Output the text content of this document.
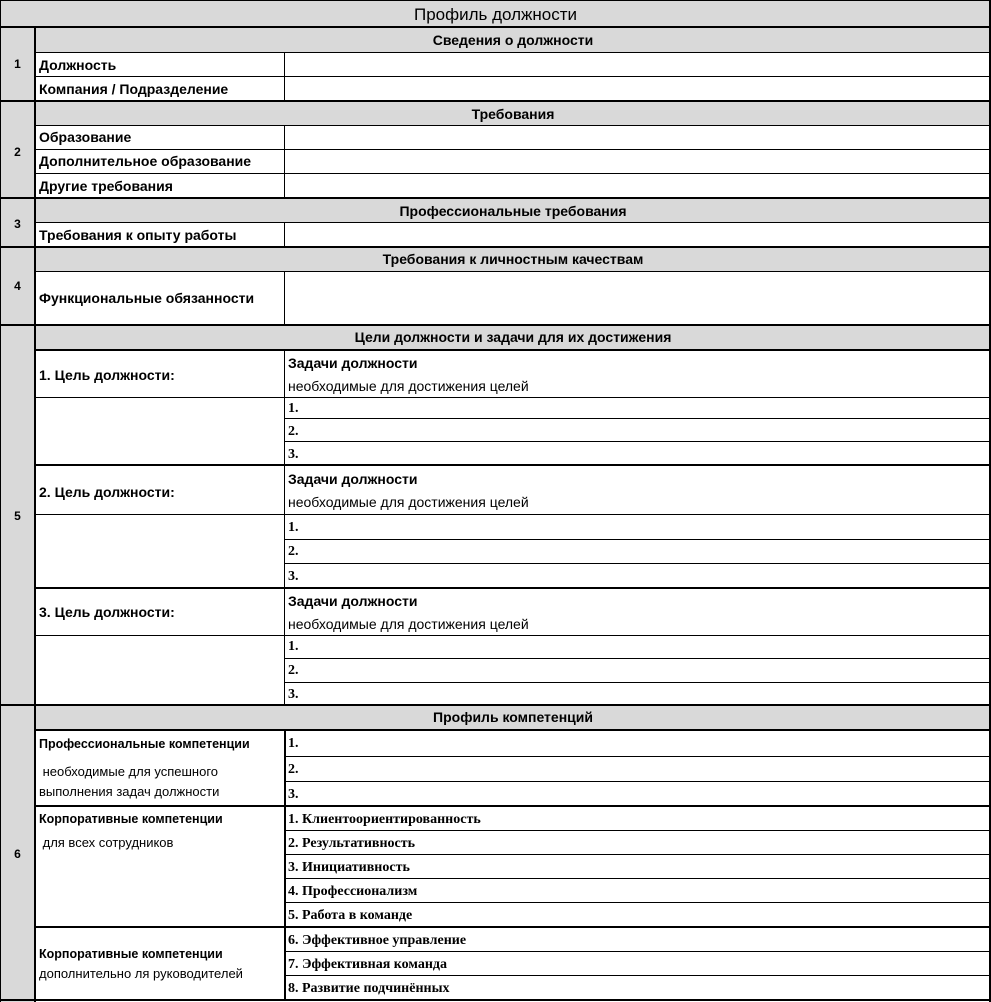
Профиль должности
1
2
3
4
5
6
Сведения о должности
Требования
Профессиональные требования
Требования к личностным качествам
Цели должности и задачи для их достижения
Профиль компетенций
Должность
Компания / Подразделение
Образование
Дополнительное образование
Другие требования
Требования к опыту работы
Функциональные обязанности
1. Цель должности:
Задачи должности
необходимые для достижения целей
1.
2.
3.
2. Цель должности:
Задачи должности
необходимые для достижения целей
1.
2.
3.
3. Цель должности:
Задачи должности
необходимые для достижения целей
1.
2.
3.
Профессиональные компетенции
необходимые для успешного выполнения задач должности
1.
2.
3.
Корпоративные компетенции
для всех сотрудников
1. Клиентоориентированность
2. Результативность
3. Инициативность
4. Профессионализм
5. Работа в команде
Корпоративные компетенции
дополнительно ля руководителей
6. Эффективное управление
7. Эффективная команда
8. Развитие подчинённых
